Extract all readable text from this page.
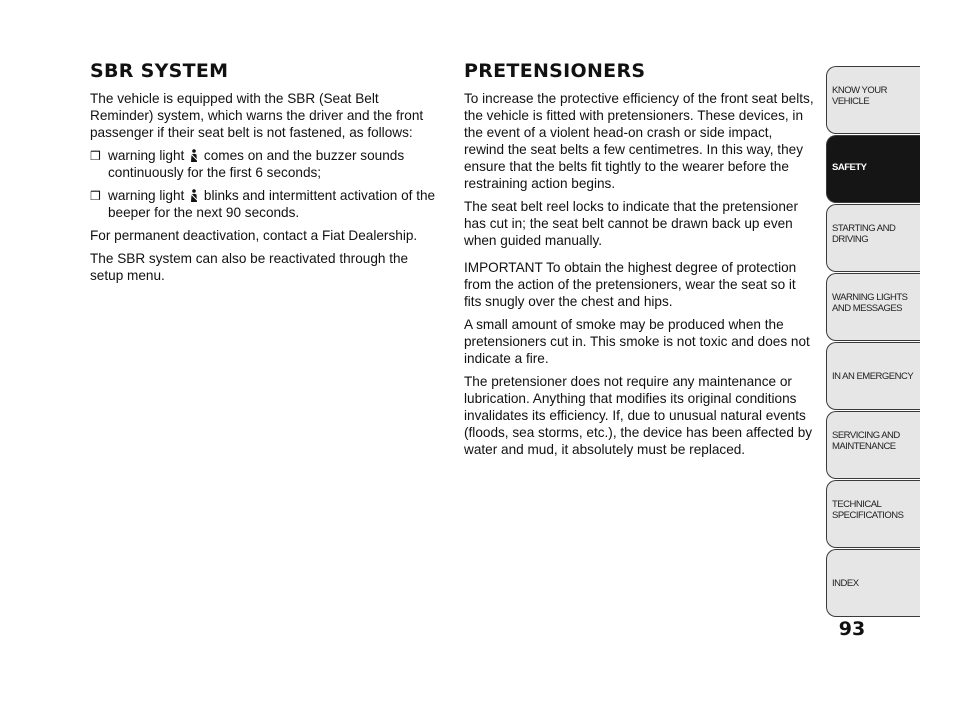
SBR SYSTEM

The vehicle is equipped with the SBR (Seat Belt Reminder) system, which warns the driver and the front passenger if their seat belt is not fastened, as follows:

❒ warning light comes on and the buzzer sounds continuously for the first 6 seconds;
❒ warning light blinks and intermittent activation of the beeper for the next 90 seconds.

For permanent deactivation, contact a Fiat Dealership.

The SBR system can also be reactivated through the setup menu.

PRETENSIONERS

To increase the protective efficiency of the front seat belts, the vehicle is fitted with pretensioners. These devices, in the event of a violent head-on crash or side impact, rewind the seat belts a few centimetres. In this way, they ensure that the belts fit tightly to the wearer before the restraining action begins.

The seat belt reel locks to indicate that the pretensioner has cut in; the seat belt cannot be drawn back up even when guided manually.

IMPORTANT To obtain the highest degree of protection from the action of the pretensioners, wear the seat so it fits snugly over the chest and hips.

A small amount of smoke may be produced when the pretensioners cut in. This smoke is not toxic and does not indicate a fire.

The pretensioner does not require any maintenance or lubrication. Anything that modifies its original conditions invalidates its efficiency. If, due to unusual natural events (floods, sea storms, etc.), the device has been affected by water and mud, it absolutely must be replaced.

KNOW YOUR
VEHICLE
SAFETY
STARTING AND
DRIVING
WARNING LIGHTS
AND MESSAGES
IN AN EMERGENCY
SERVICING AND
MAINTENANCE
TECHNICAL
SPECIFICATIONS
INDEX
93
